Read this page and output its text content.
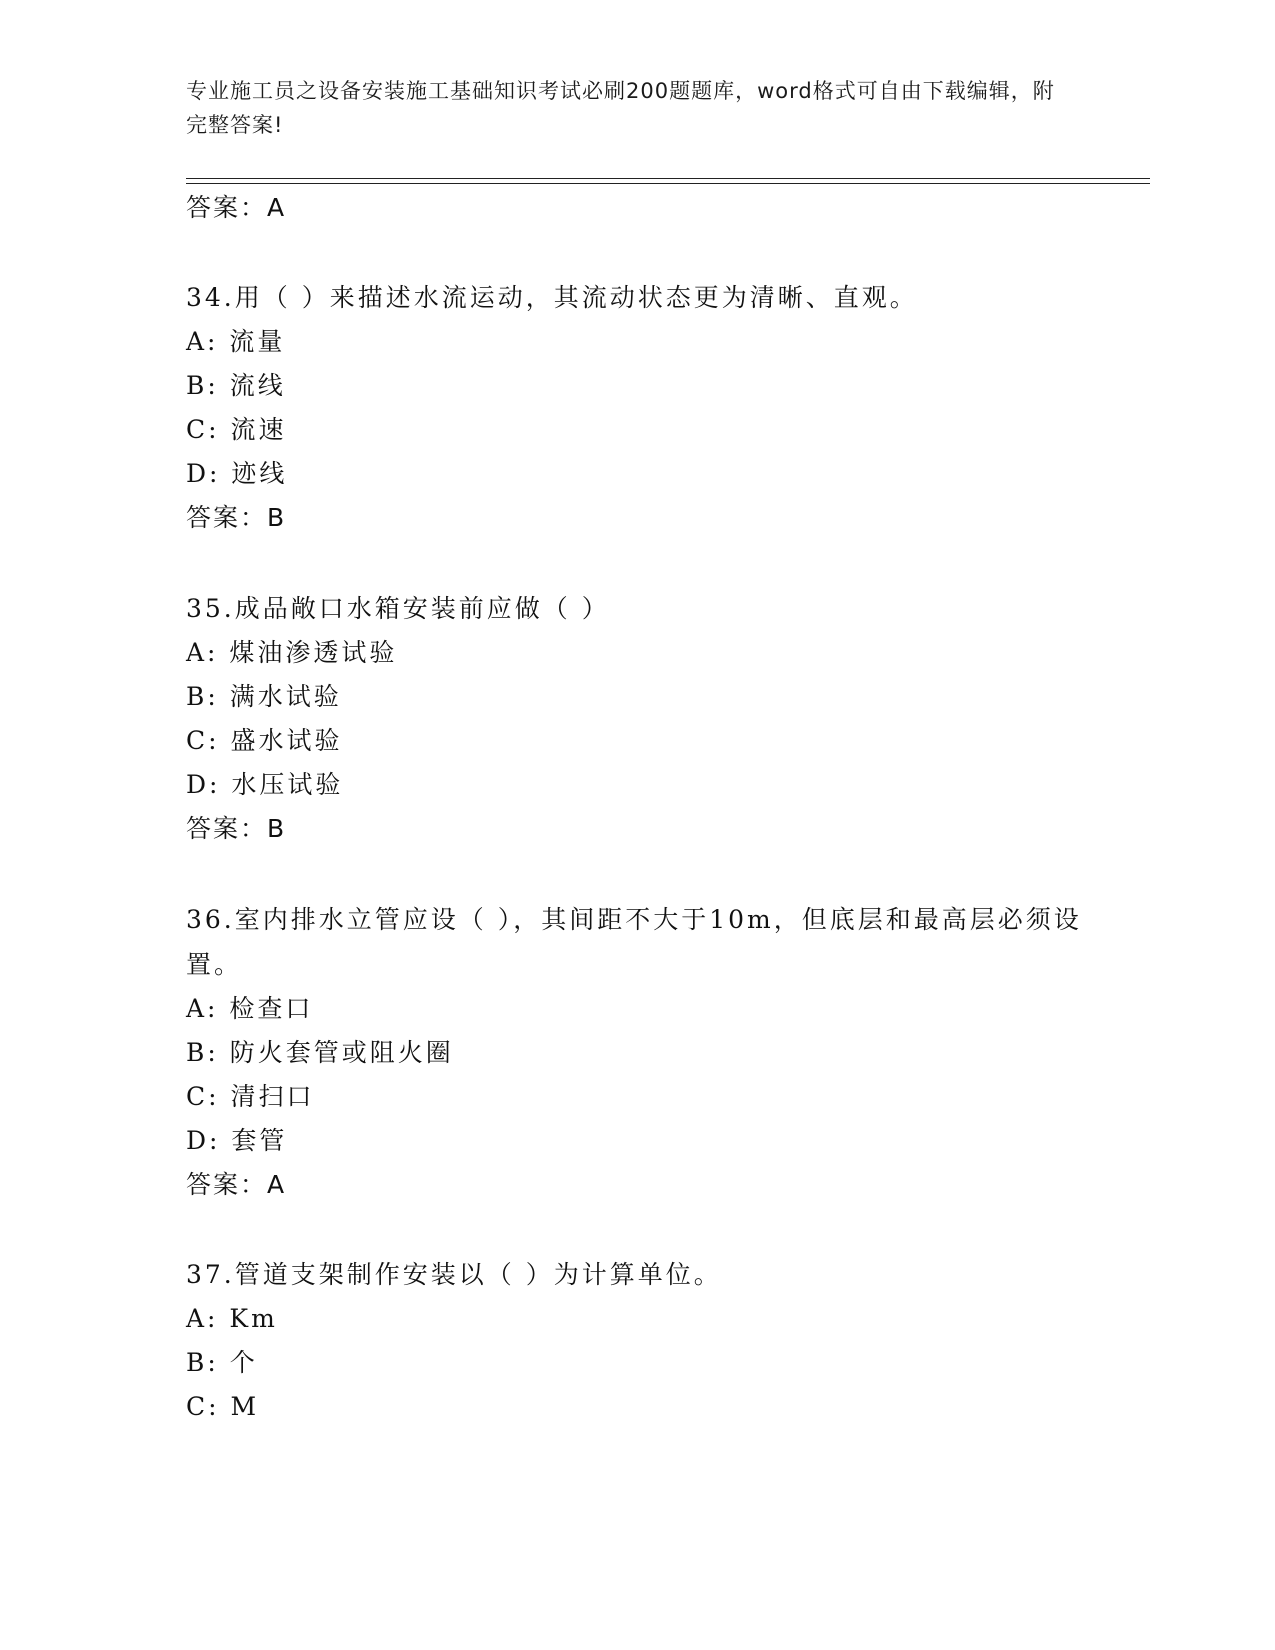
专业施工员之设备安装施工基础知识考试必刷200题题库，word格式可自由下载编辑，附完整答案!
答案：A
34.用（ ）来描述水流运动，其流动状态更为清晰、直观。
A: 流量
B: 流线
C: 流速
D: 迹线
答案：B
35.成品敞口水箱安装前应做（ ）
A: 煤油渗透试验
B: 满水试验
C: 盛水试验
D: 水压试验
答案：B
36.室内排水立管应设（ ），其间距不大于10m，但底层和最高层必须设置。
A: 检查口
B: 防火套管或阻火圈
C: 清扫口
D: 套管
答案：A
37.管道支架制作安装以（ ）为计算单位。
A: Km
B: 个
C: M
